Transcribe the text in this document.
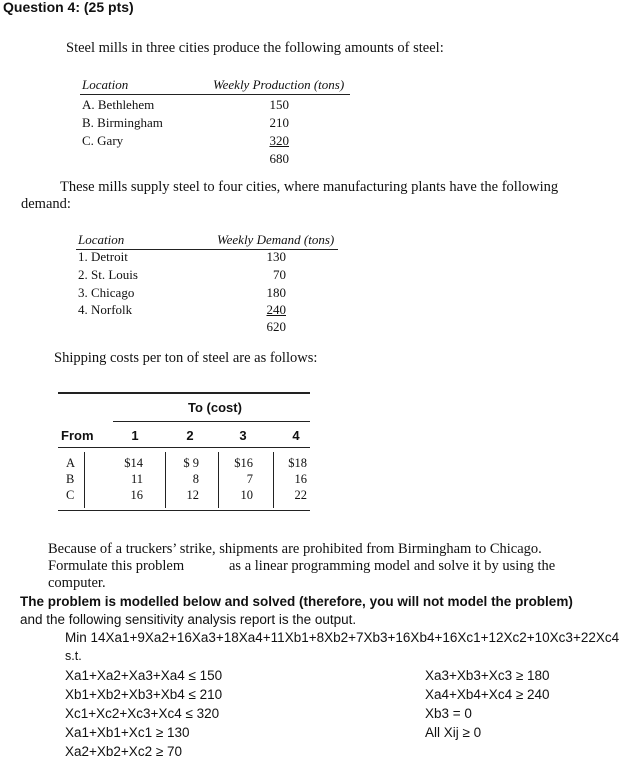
Question 4: (25 pts)
Steel mills in three cities produce the following amounts of steel:
Location	Weekly Production (tons)
A. Bethlehem	150
B. Birmingham	210
C. Gary	320
680
These mills supply steel to four cities, where manufacturing plants have the following
demand:
Location	Weekly Demand (tons)
1. Detroit	130
2. St. Louis	70
3. Chicago	180
4. Norfolk	240
620
Shipping costs per ton of steel are as follows:
To (cost)
From	1	2	3	4
A	$14	$ 9	$16	$18
B	11	8	7	16
C	16	12	10	22
Because of a truckers’ strike, shipments are prohibited from Birmingham to Chicago.
Formulate this problem	as a linear programming model and solve it by using the
computer.
The problem is modelled below and solved (therefore, you will not model the problem)
and the following sensitivity analysis report is the output.
Min 14Xa1+9Xa2+16Xa3+18Xa4+11Xb1+8Xb2+7Xb3+16Xb4+16Xc1+12Xc2+10Xc3+22Xc4
s.t.
Xa1+Xa2+Xa3+Xa4 ≤ 150
Xb1+Xb2+Xb3+Xb4 ≤ 210
Xc1+Xc2+Xc3+Xc4 ≤ 320
Xa1+Xb1+Xc1 ≥ 130
Xa2+Xb2+Xc2 ≥ 70
Xa3+Xb3+Xc3 ≥ 180
Xa4+Xb4+Xc4 ≥ 240
Xb3 = 0
All Xij ≥ 0
